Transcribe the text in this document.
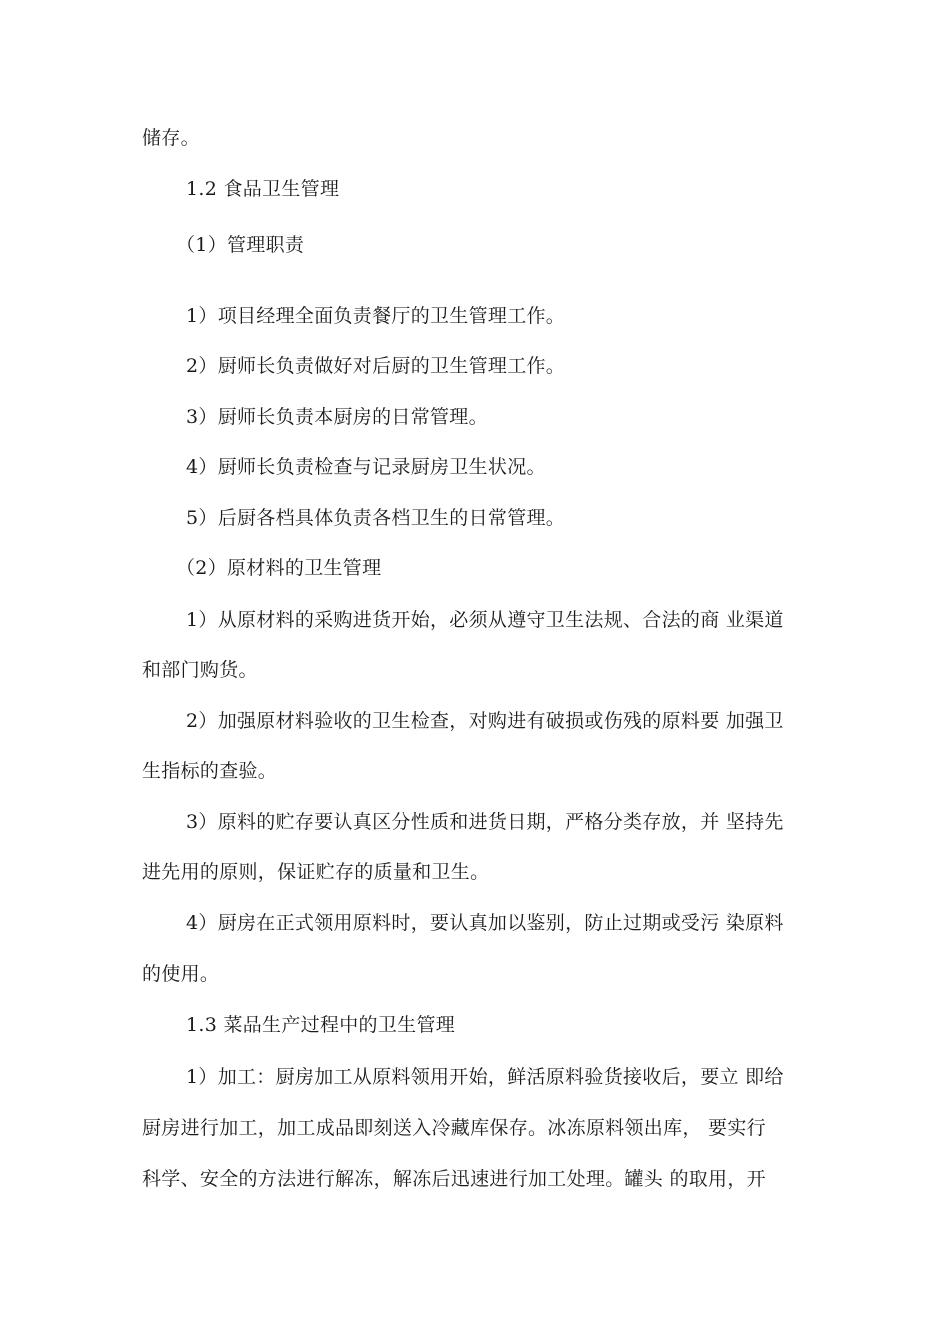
储存。
1.2 食品卫生管理
（1）管理职责
1）项目经理全面负责餐厅的卫生管理工作。
2）厨师长负责做好对后厨的卫生管理工作。
3）厨师长负责本厨房的日常管理。
4）厨师长负责检查与记录厨房卫生状况。
5）后厨各档具体负责各档卫生的日常管理。
（2）原材料的卫生管理
1）从原材料的采购进货开始，必须从遵守卫生法规、合法的商 业渠道
和部门购货。
2）加强原材料验收的卫生检查，对购进有破损或伤残的原料要 加强卫
生指标的查验。
3）原料的贮存要认真区分性质和进货日期，严格分类存放，并 坚持先
进先用的原则，保证贮存的质量和卫生。
4）厨房在正式领用原料时，要认真加以鉴别，防止过期或受污 染原料
的使用。
1.3 菜品生产过程中的卫生管理
1）加工：厨房加工从原料领用开始，鲜活原料验货接收后，要立 即给
厨房进行加工，加工成品即刻送入冷藏库保存。冰冻原料领出库， 要实行
科学、安全的方法进行解冻，解冻后迅速进行加工处理。罐头 的取用，开
